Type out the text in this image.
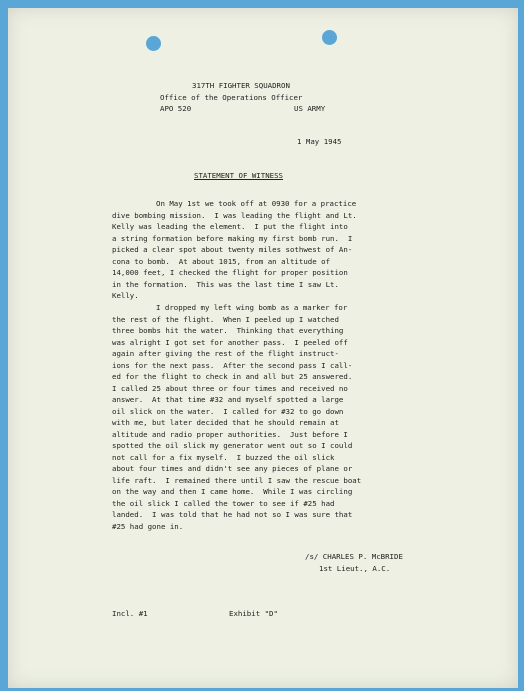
317TH FIGHTER SQUADRON

Office of the Operations Officer

APO 520	US ARMY

1 May 1945

STATEMENT OF WITNESS

On May 1st we took off at 0930 for a practice

dive bombing mission.  I was leading the flight and Lt.

Kelly was leading the element.  I put the flight into

a string formation before making my first bomb run.  I

picked a clear spot about twenty miles sothwest of An-

cona to bomb.  At about 1015, from an altitude of

14,000 feet, I checked the flight for proper position

in the formation.  This was the last time I saw Lt.

Kelly.

I dropped my left wing bomb as a marker for

the rest of the flight.  When I peeled up I watched

three bombs hit the water.  Thinking that everything

was alright I got set for another pass.  I peeled off

again after giving the rest of the flight instruct-

ions for the next pass.  After the second pass I call-

ed for the flight to check in and all but 25 answered.

I called 25 about three or four times and received no

answer.  At that time #32 and myself spotted a large

oil slick on the water.  I called for #32 to go down

with me, but later decided that he should remain at

altitude and radio proper authorities.  Just before I

spotted the oil slick my generator went out so I could

not call for a fix myself.  I buzzed the oil slick

about four times and didn't see any pieces of plane or

life raft.  I remained there until I saw the rescue boat

on the way and then I came home.  While I was circling

the oil slick I called the tower to see if #25 had

landed.  I was told that he had not so I was sure that

#25 had gone in.

/s/ CHARLES P. McBRIDE

1st Lieut., A.C.

Incl. #1	Exhibit "D"
